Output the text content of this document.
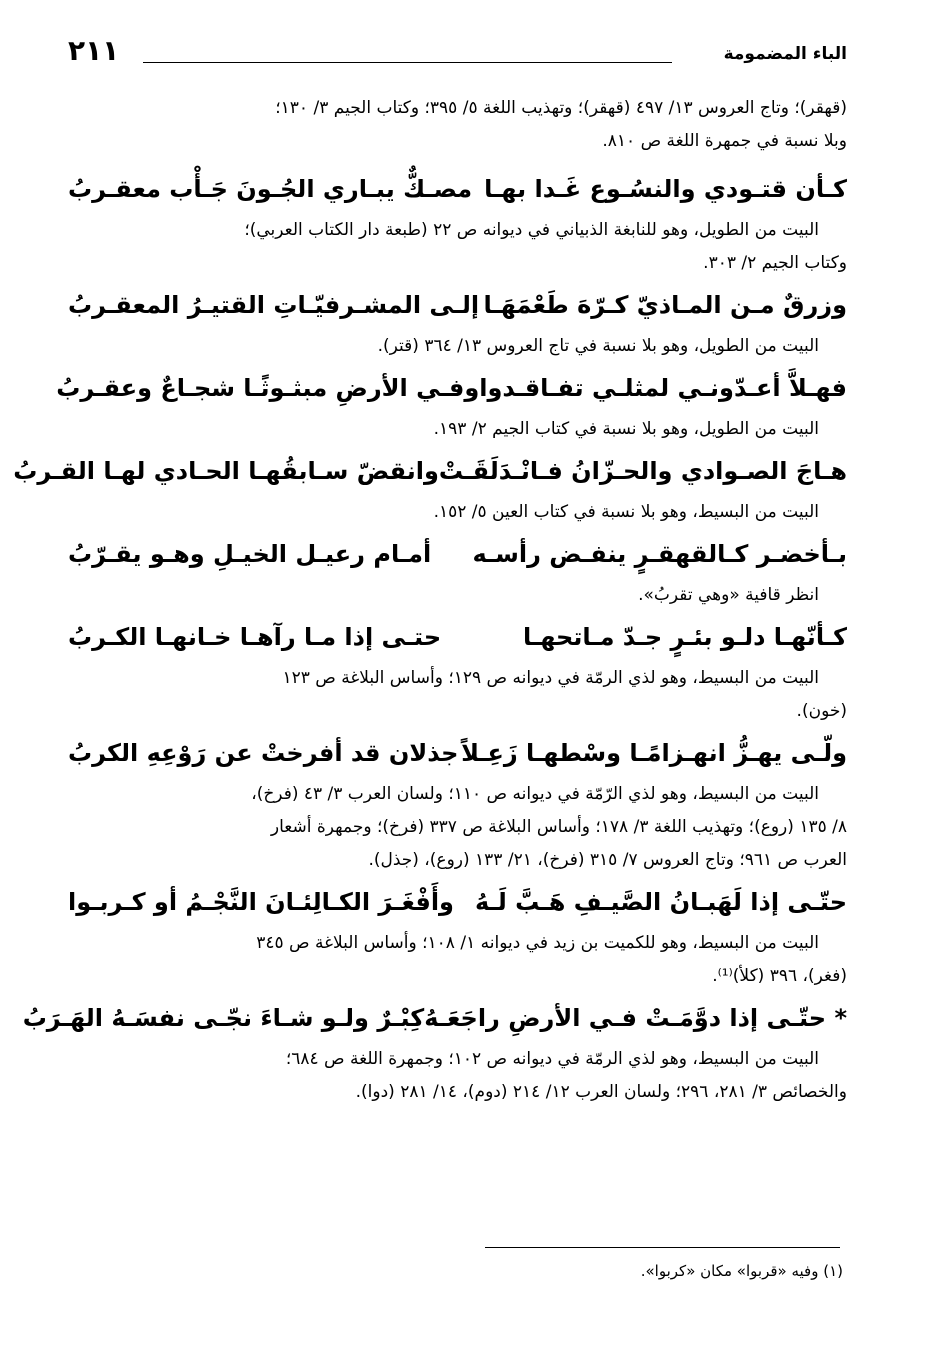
الباء المضمومة
٢١١
(قهقر)؛ وتاج العروس ١٣/ ٤٩٧ (قهقر)؛ وتهذيب اللغة ٥/ ٣٩٥؛ وكتاب الجيم ٣/ ١٣٠؛
وبلا نسبة في جمهرة اللغة ص ٨١٠.
كـأن قتـودي والنسُـوع غَـدا بهـا
مصـكٌّ يبـاري الجُـونَ جَـأْب معقـربُ
البيت من الطويل، وهو للنابغة الذبياني في ديوانه ص ٢٢ (طبعة دار الكتاب العربي)؛
وكتاب الجيم ٢/ ٣٠٣.
وزرقٌ مـن المـاذيّ كـرّهَ طَعْمَهَـا
إلـى المشـرفيّـاتِ القتيـرُ المعقـربُ
البيت من الطويل، وهو بلا نسبة في تاج العروس ١٣/ ٣٦٤ (قتر).
فهـلاَّ أعـدّونـي لمثلـي تفـاقـدوا
وفـي الأرضِ مبثـوثًـا شجـاعٌ وعقـربُ
البيت من الطويل، وهو بلا نسبة في كتاب الجيم ٢/ ١٩٣.
هـاجَ الصـوادي والحـزّانُ فـانْـدَلَقَـتْ
وانقضّ سـابقُهـا الحـادي لهـا القـربُ
البيت من البسيط، وهو بلا نسبة في كتاب العين ٥/ ١٥٢.
بـأخضـر كـالقهقـرٍ ينفـض رأسـه
أمـام رعيـل الخيـلِ وهـو يقـرّبُ
انظر قافية «وهي تقربُ».
كـأنّهـا دلـو بئـرٍ جـدّ مـاتحهـا
حتـى إذا مـا رآهـا خـانهـا الكـربُ
البيت من البسيط، وهو لذي الرمّة في ديوانه ص ١٢٩؛ وأساس البلاغة ص ١٢٣
(خون).
ولّـى يهـزُّ انهـزامًـا وسْطهـا زَعِـلاً
جذلان قد أفرختْ عن رَوْعِهِ الكربُ
البيت من البسيط، وهو لذي الرّمّة في ديوانه ص ١١٠؛ ولسان العرب ٣/ ٤٣ (فرخ)،
٨/ ١٣٥ (روع)؛ وتهذيب اللغة ٣/ ١٧٨؛ وأساس البلاغة ص ٣٣٧ (فرخ)؛ وجمهرة أشعار
العرب ص ٩٦١؛ وتاج العروس ٧/ ٣١٥ (فرخ)، ٢١/ ١٣٣ (روع)، (جذل).
حتّـى إذا لَهَبـانُ الصَّيـفِ هَـبَّ لَـهُ
وأَفْغَـرَ الكـالِئـانَ النَّجْـمُ أو كـربـوا
البيت من البسيط، وهو للكميت بن زيد في ديوانه ١/ ١٠٨؛ وأساس البلاغة ص ٣٤٥
(فغر)، ٣٩٦ (كلأ)⁽¹⁾.
* حتّـى إذا دوَّمَـتْ فـي الأرضِ راجَعَـهُ
كِبْـرٌ ولـو شـاءَ نجّـى نفسَـهُ الهَـرَبُ
البيت من البسيط، وهو لذي الرمّة في ديوانه ص ١٠٢؛ وجمهرة اللغة ص ٦٨٤؛
والخصائص ٣/ ٢٨١، ٢٩٦؛ ولسان العرب ١٢/ ٢١٤ (دوم)، ١٤/ ٢٨١ (دوا).
(١) وفيه «قربوا» مكان «كربوا».
